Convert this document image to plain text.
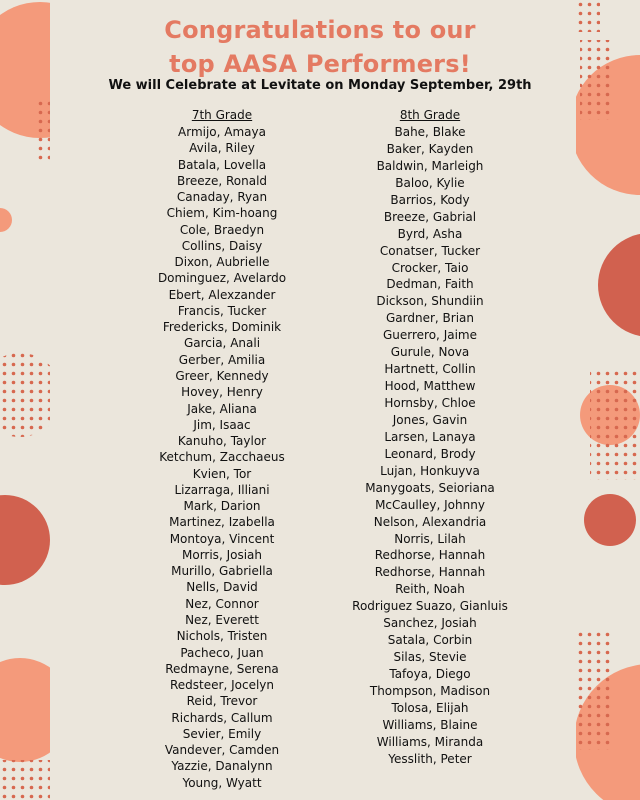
Congratulations to our
top AASA Performers!
We will Celebrate at Levitate on Monday September, 29th
7th Grade
Armijo, Amaya
Avila, Riley
Batala, Lovella
Breeze, Ronald
Canaday, Ryan
Chiem, Kim-hoang
Cole, Braedyn
Collins, Daisy
Dixon, Aubrielle
Dominguez, Avelardo
Ebert, Alexzander
Francis, Tucker
Fredericks, Dominik
Garcia, Anali
Gerber, Amilia
Greer, Kennedy
Hovey, Henry
Jake, Aliana
Jim, Isaac
Kanuho, Taylor
Ketchum, Zacchaeus
Kvien, Tor
Lizarraga, Illiani
Mark, Darion
Martinez, Izabella
Montoya, Vincent
Morris, Josiah
Murillo, Gabriella
Nells, David
Nez, Connor
Nez, Everett
Nichols, Tristen
Pacheco, Juan
Redmayne, Serena
Redsteer, Jocelyn
Reid, Trevor
Richards, Callum
Sevier, Emily
Vandever, Camden
Yazzie, Danalynn
Young, Wyatt
8th Grade
Bahe, Blake
Baker, Kayden
Baldwin, Marleigh
Baloo, Kylie
Barrios, Kody
Breeze, Gabrial
Byrd, Asha
Conatser, Tucker
Crocker, Taio
Dedman, Faith
Dickson, Shundiin
Gardner, Brian
Guerrero, Jaime
Gurule, Nova
Hartnett, Collin
Hood, Matthew
Hornsby, Chloe
Jones, Gavin
Larsen, Lanaya
Leonard, Brody
Lujan, Honkuyva
Manygoats, Seioriana
McCaulley, Johnny
Nelson, Alexandria
Norris, Lilah
Redhorse, Hannah
Redhorse, Hannah
Reith, Noah
Rodriguez Suazo, Gianluis
Sanchez, Josiah
Satala, Corbin
Silas, Stevie
Tafoya, Diego
Thompson, Madison
Tolosa, Elijah
Williams, Blaine
Williams, Miranda
Yesslith, Peter
